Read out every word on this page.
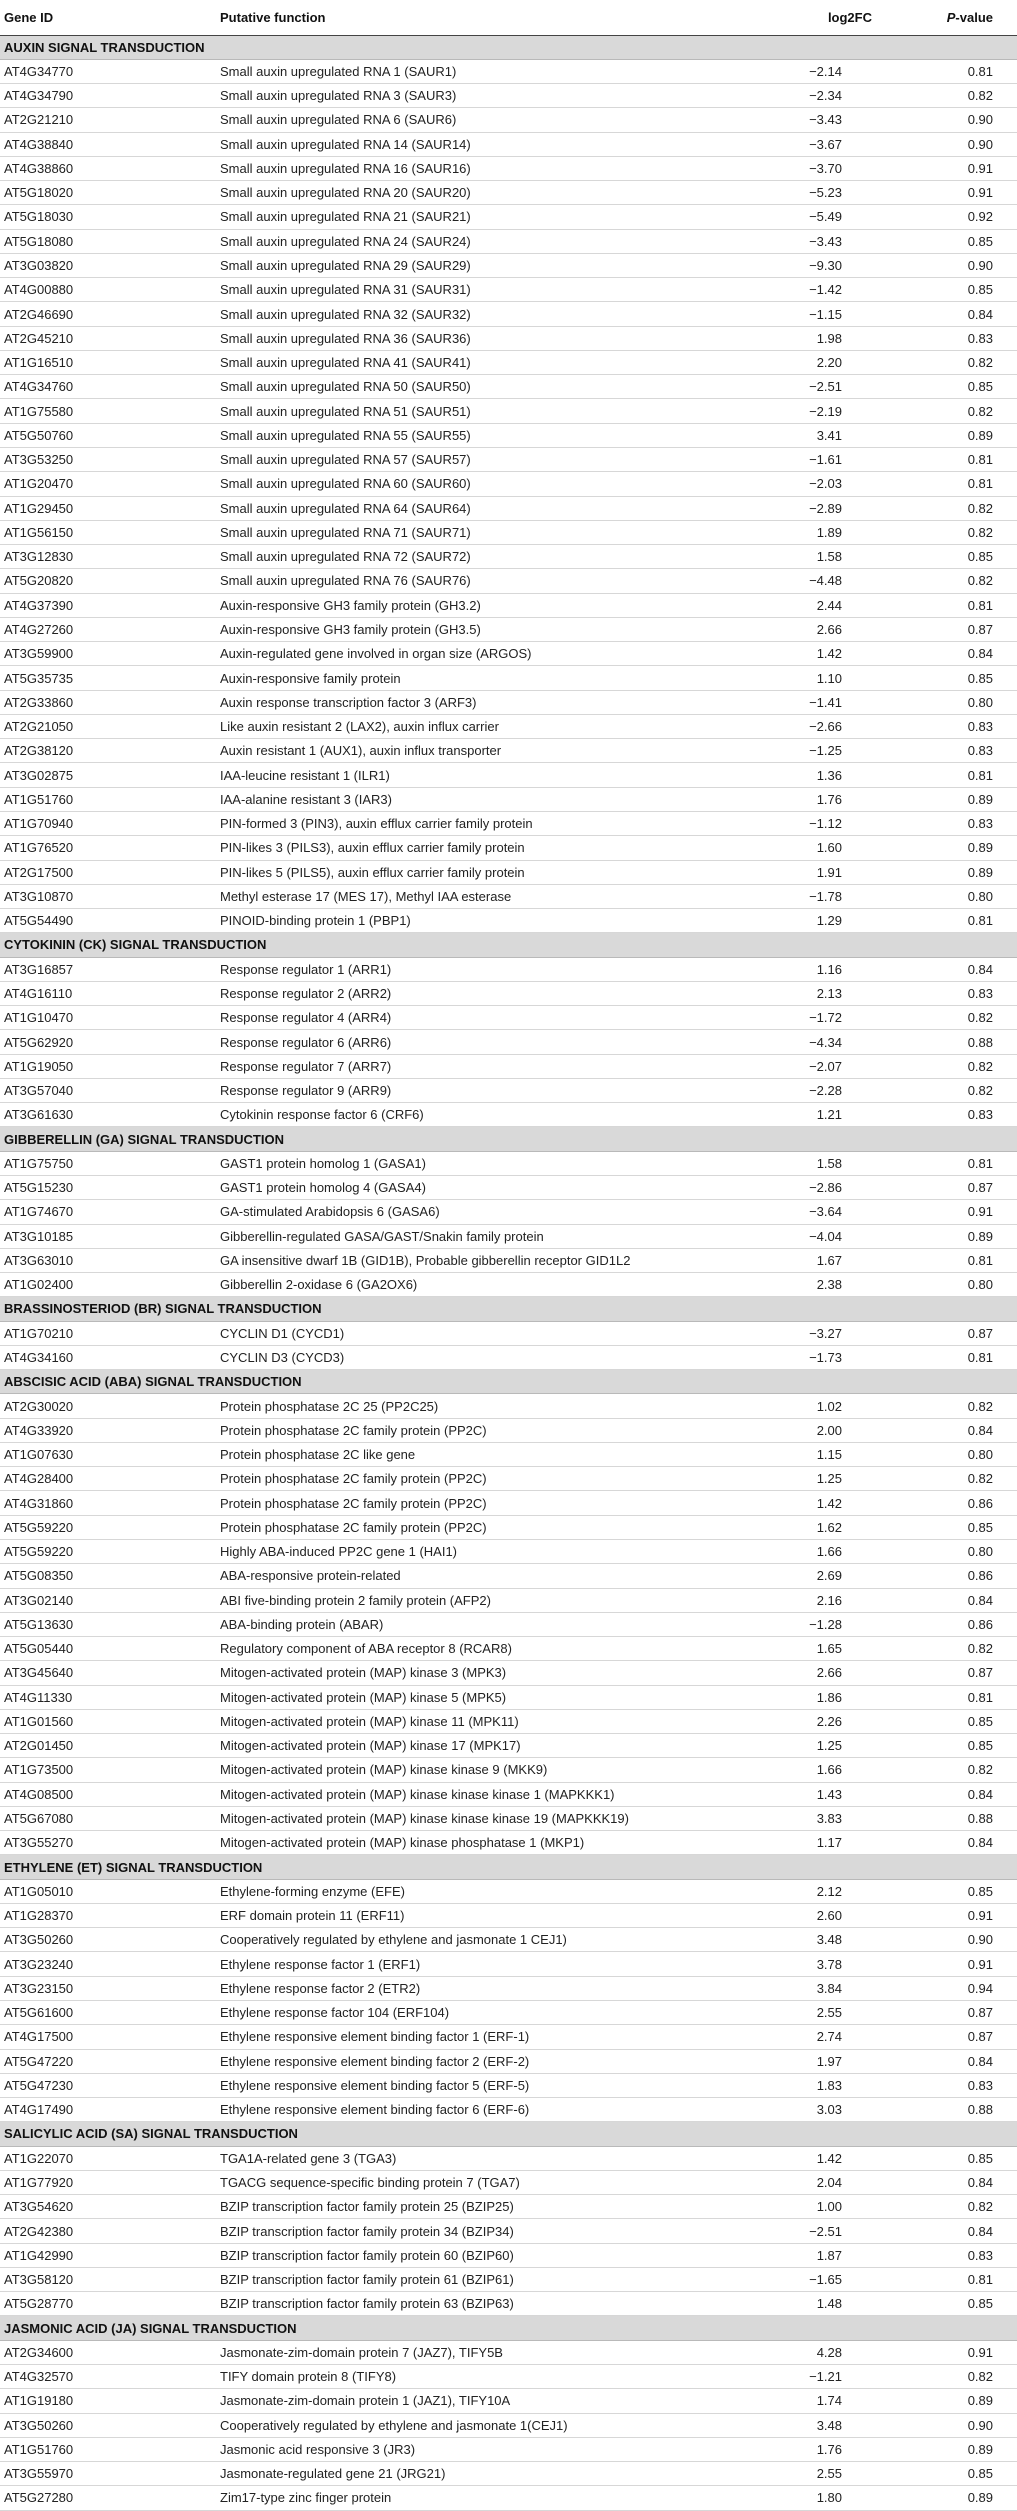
Gene ID	Putative function	log2FC	P-value
AUXIN SIGNAL TRANSDUCTION			
AT4G34770	Small auxin upregulated RNA 1 (SAUR1)	−2.14	0.81
AT4G34790	Small auxin upregulated RNA 3 (SAUR3)	−2.34	0.82
AT2G21210	Small auxin upregulated RNA 6 (SAUR6)	−3.43	0.90
AT4G38840	Small auxin upregulated RNA 14 (SAUR14)	−3.67	0.90
AT4G38860	Small auxin upregulated RNA 16 (SAUR16)	−3.70	0.91
AT5G18020	Small auxin upregulated RNA 20 (SAUR20)	−5.23	0.91
AT5G18030	Small auxin upregulated RNA 21 (SAUR21)	−5.49	0.92
AT5G18080	Small auxin upregulated RNA 24 (SAUR24)	−3.43	0.85
AT3G03820	Small auxin upregulated RNA 29 (SAUR29)	−9.30	0.90
AT4G00880	Small auxin upregulated RNA 31 (SAUR31)	−1.42	0.85
AT2G46690	Small auxin upregulated RNA 32 (SAUR32)	−1.15	0.84
AT2G45210	Small auxin upregulated RNA 36 (SAUR36)	1.98	0.83
AT1G16510	Small auxin upregulated RNA 41 (SAUR41)	2.20	0.82
AT4G34760	Small auxin upregulated RNA 50 (SAUR50)	−2.51	0.85
AT1G75580	Small auxin upregulated RNA 51 (SAUR51)	−2.19	0.82
AT5G50760	Small auxin upregulated RNA 55 (SAUR55)	3.41	0.89
AT3G53250	Small auxin upregulated RNA 57 (SAUR57)	−1.61	0.81
AT1G20470	Small auxin upregulated RNA 60 (SAUR60)	−2.03	0.81
AT1G29450	Small auxin upregulated RNA 64 (SAUR64)	−2.89	0.82
AT1G56150	Small auxin upregulated RNA 71 (SAUR71)	1.89	0.82
AT3G12830	Small auxin upregulated RNA 72 (SAUR72)	1.58	0.85
AT5G20820	Small auxin upregulated RNA 76 (SAUR76)	−4.48	0.82
AT4G37390	Auxin-responsive GH3 family protein (GH3.2)	2.44	0.81
AT4G27260	Auxin-responsive GH3 family protein (GH3.5)	2.66	0.87
AT3G59900	Auxin-regulated gene involved in organ size (ARGOS)	1.42	0.84
AT5G35735	Auxin-responsive family protein	1.10	0.85
AT2G33860	Auxin response transcription factor 3 (ARF3)	−1.41	0.80
AT2G21050	Like auxin resistant 2 (LAX2), auxin influx carrier	−2.66	0.83
AT2G38120	Auxin resistant 1 (AUX1), auxin influx transporter	−1.25	0.83
AT3G02875	IAA-leucine resistant 1 (ILR1)	1.36	0.81
AT1G51760	IAA-alanine resistant 3 (IAR3)	1.76	0.89
AT1G70940	PIN-formed 3 (PIN3), auxin efflux carrier family protein	−1.12	0.83
AT1G76520	PIN-likes 3 (PILS3), auxin efflux carrier family protein	1.60	0.89
AT2G17500	PIN-likes 5 (PILS5), auxin efflux carrier family protein	1.91	0.89
AT3G10870	Methyl esterase 17 (MES 17), Methyl IAA esterase	−1.78	0.80
AT5G54490	PINOID-binding protein 1 (PBP1)	1.29	0.81
CYTOKININ (CK) SIGNAL TRANSDUCTION			
AT3G16857	Response regulator 1 (ARR1)	1.16	0.84
AT4G16110	Response regulator 2 (ARR2)	2.13	0.83
AT1G10470	Response regulator 4 (ARR4)	−1.72	0.82
AT5G62920	Response regulator 6 (ARR6)	−4.34	0.88
AT1G19050	Response regulator 7 (ARR7)	−2.07	0.82
AT3G57040	Response regulator 9 (ARR9)	−2.28	0.82
AT3G61630	Cytokinin response factor 6 (CRF6)	1.21	0.83
GIBBERELLIN (GA) SIGNAL TRANSDUCTION			
AT1G75750	GAST1 protein homolog 1 (GASA1)	1.58	0.81
AT5G15230	GAST1 protein homolog 4 (GASA4)	−2.86	0.87
AT1G74670	GA-stimulated Arabidopsis 6 (GASA6)	−3.64	0.91
AT3G10185	Gibberellin-regulated GASA/GAST/Snakin family protein	−4.04	0.89
AT3G63010	GA insensitive dwarf 1B (GID1B), Probable gibberellin receptor GID1L2	1.67	0.81
AT1G02400	Gibberellin 2-oxidase 6 (GA2OX6)	2.38	0.80
BRASSINOSTERIOD (BR) SIGNAL TRANSDUCTION			
AT1G70210	CYCLIN D1 (CYCD1)	−3.27	0.87
AT4G34160	CYCLIN D3 (CYCD3)	−1.73	0.81
ABSCISIC ACID (ABA) SIGNAL TRANSDUCTION			
AT2G30020	Protein phosphatase 2C 25 (PP2C25)	1.02	0.82
AT4G33920	Protein phosphatase 2C family protein (PP2C)	2.00	0.84
AT1G07630	Protein phosphatase 2C like gene	1.15	0.80
AT4G28400	Protein phosphatase 2C family protein (PP2C)	1.25	0.82
AT4G31860	Protein phosphatase 2C family protein (PP2C)	1.42	0.86
AT5G59220	Protein phosphatase 2C family protein (PP2C)	1.62	0.85
AT5G59220	Highly ABA-induced PP2C gene 1 (HAI1)	1.66	0.80
AT5G08350	ABA-responsive protein-related	2.69	0.86
AT3G02140	ABI five-binding protein 2 family protein (AFP2)	2.16	0.84
AT5G13630	ABA-binding protein (ABAR)	−1.28	0.86
AT5G05440	Regulatory component of ABA receptor 8 (RCAR8)	1.65	0.82
AT3G45640	Mitogen-activated protein (MAP) kinase 3 (MPK3)	2.66	0.87
AT4G11330	Mitogen-activated protein (MAP) kinase 5 (MPK5)	1.86	0.81
AT1G01560	Mitogen-activated protein (MAP) kinase 11 (MPK11)	2.26	0.85
AT2G01450	Mitogen-activated protein (MAP) kinase 17 (MPK17)	1.25	0.85
AT1G73500	Mitogen-activated protein (MAP) kinase kinase 9 (MKK9)	1.66	0.82
AT4G08500	Mitogen-activated protein (MAP) kinase kinase kinase 1 (MAPKKK1)	1.43	0.84
AT5G67080	Mitogen-activated protein (MAP) kinase kinase kinase 19 (MAPKKK19)	3.83	0.88
AT3G55270	Mitogen-activated protein (MAP) kinase phosphatase 1 (MKP1)	1.17	0.84
ETHYLENE (ET) SIGNAL TRANSDUCTION			
AT1G05010	Ethylene-forming enzyme (EFE)	2.12	0.85
AT1G28370	ERF domain protein 11 (ERF11)	2.60	0.91
AT3G50260	Cooperatively regulated by ethylene and jasmonate 1 CEJ1)	3.48	0.90
AT3G23240	Ethylene response factor 1 (ERF1)	3.78	0.91
AT3G23150	Ethylene response factor 2 (ETR2)	3.84	0.94
AT5G61600	Ethylene response factor 104 (ERF104)	2.55	0.87
AT4G17500	Ethylene responsive element binding factor 1 (ERF-1)	2.74	0.87
AT5G47220	Ethylene responsive element binding factor 2 (ERF-2)	1.97	0.84
AT5G47230	Ethylene responsive element binding factor 5 (ERF-5)	1.83	0.83
AT4G17490	Ethylene responsive element binding factor 6 (ERF-6)	3.03	0.88
SALICYLIC ACID (SA) SIGNAL TRANSDUCTION			
AT1G22070	TGA1A-related gene 3 (TGA3)	1.42	0.85
AT1G77920	TGACG sequence-specific binding protein 7 (TGA7)	2.04	0.84
AT3G54620	BZIP transcription factor family protein 25 (BZIP25)	1.00	0.82
AT2G42380	BZIP transcription factor family protein 34 (BZIP34)	−2.51	0.84
AT1G42990	BZIP transcription factor family protein 60 (BZIP60)	1.87	0.83
AT3G58120	BZIP transcription factor family protein 61 (BZIP61)	−1.65	0.81
AT5G28770	BZIP transcription factor family protein 63 (BZIP63)	1.48	0.85
JASMONIC ACID (JA) SIGNAL TRANSDUCTION			
AT2G34600	Jasmonate-zim-domain protein 7 (JAZ7), TIFY5B	4.28	0.91
AT4G32570	TIFY domain protein 8 (TIFY8)	−1.21	0.82
AT1G19180	Jasmonate-zim-domain protein 1 (JAZ1), TIFY10A	1.74	0.89
AT3G50260	Cooperatively regulated by ethylene and jasmonate 1(CEJ1)	3.48	0.90
AT1G51760	Jasmonic acid responsive 3 (JR3)	1.76	0.89
AT3G55970	Jasmonate-regulated gene 21 (JRG21)	2.55	0.85
AT5G27280	Zim17-type zinc finger protein	1.80	0.89
